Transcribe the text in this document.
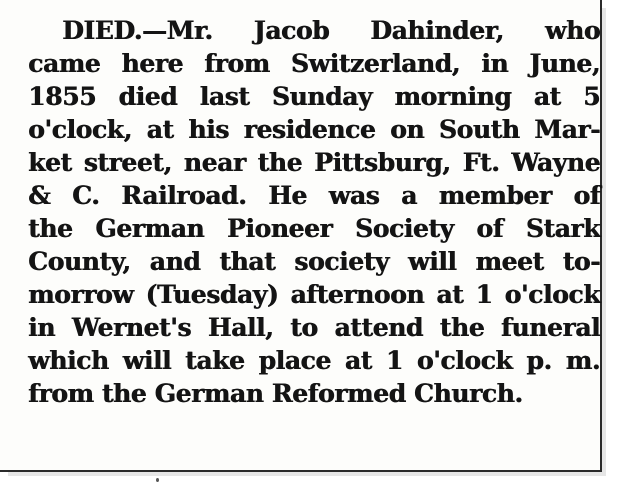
DIED.—Mr. Jacob Dahinder, who
came here from Switzerland, in June,
1855 died last Sunday morning at 5
o'clock, at his residence on South Mar-
ket street, near the Pittsburg, Ft. Wayne
& C. Railroad. He was a member of
the German Pioneer Society of Stark
County, and that society will meet to-
morrow (Tuesday) afternoon at 1 o'clock
in Wernet's Hall, to attend the funeral
which will take place at 1 o'clock p. m.
from the German Reformed Church.
